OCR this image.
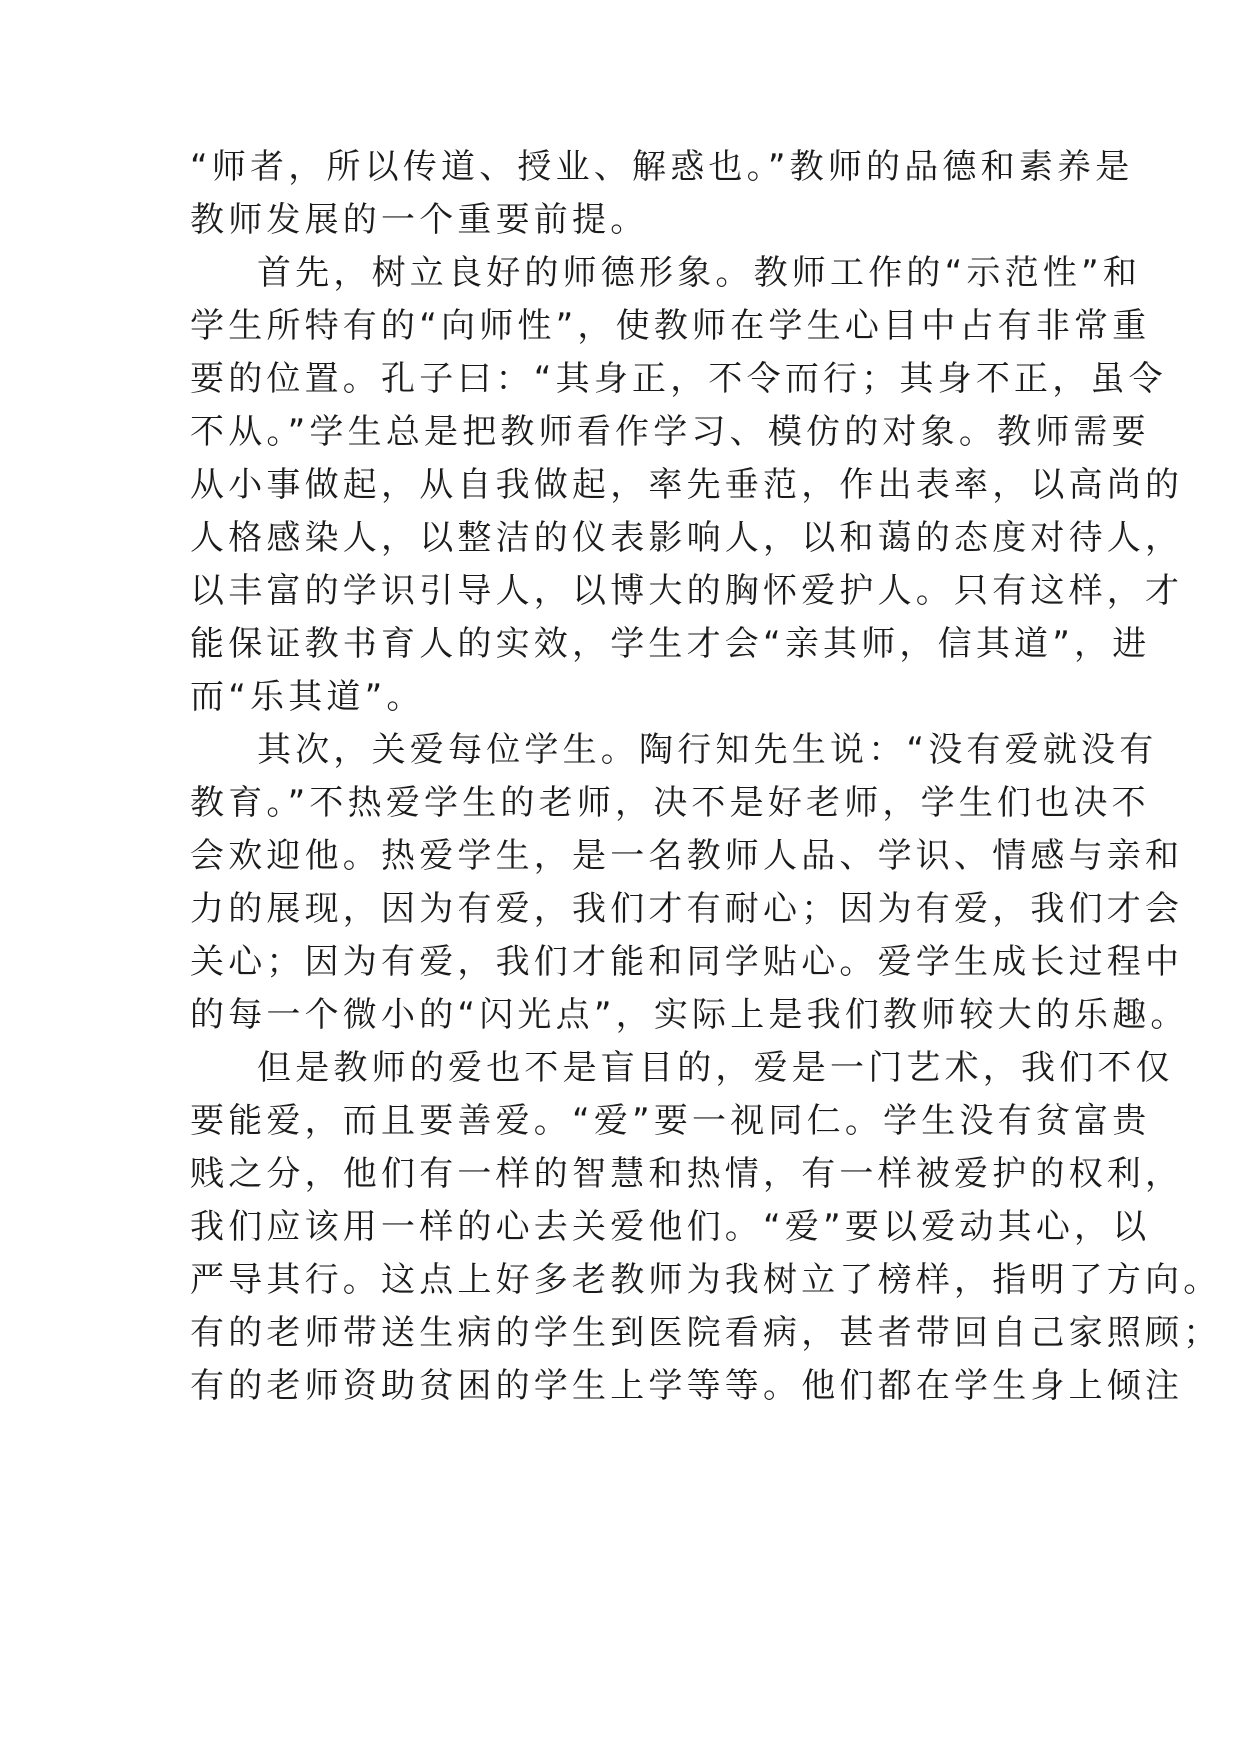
“师者，所以传道、授业、解惑也。”教师的品德和素养是
教师发展的一个重要前提。
首先，树立良好的师德形象。教师工作的“示范性”和
学生所特有的“向师性”，使教师在学生心目中占有非常重
要的位置。孔子曰：“其身正，不令而行；其身不正，虽令
不从。”学生总是把教师看作学习、模仿的对象。教师需要
从小事做起，从自我做起，率先垂范，作出表率，以高尚的
人格感染人，以整洁的仪表影响人，以和蔼的态度对待人，
以丰富的学识引导人，以博大的胸怀爱护人。只有这样，才
能保证教书育人的实效，学生才会“亲其师，信其道”，进
而“乐其道”。
其次，关爱每位学生。陶行知先生说：“没有爱就没有
教育。”不热爱学生的老师，决不是好老师，学生们也决不
会欢迎他。热爱学生，是一名教师人品、学识、情感与亲和
力的展现，因为有爱，我们才有耐心；因为有爱，我们才会
关心；因为有爱，我们才能和同学贴心。爱学生成长过程中
的每一个微小的“闪光点”，实际上是我们教师较大的乐趣。
但是教师的爱也不是盲目的，爱是一门艺术，我们不仅
要能爱，而且要善爱。“爱”要一视同仁。学生没有贫富贵
贱之分，他们有一样的智慧和热情，有一样被爱护的权利，
我们应该用一样的心去关爱他们。“爱”要以爱动其心，以
严导其行。这点上好多老教师为我树立了榜样，指明了方向。
有的老师带送生病的学生到医院看病，甚者带回自己家照顾；
有的老师资助贫困的学生上学等等。他们都在学生身上倾注
